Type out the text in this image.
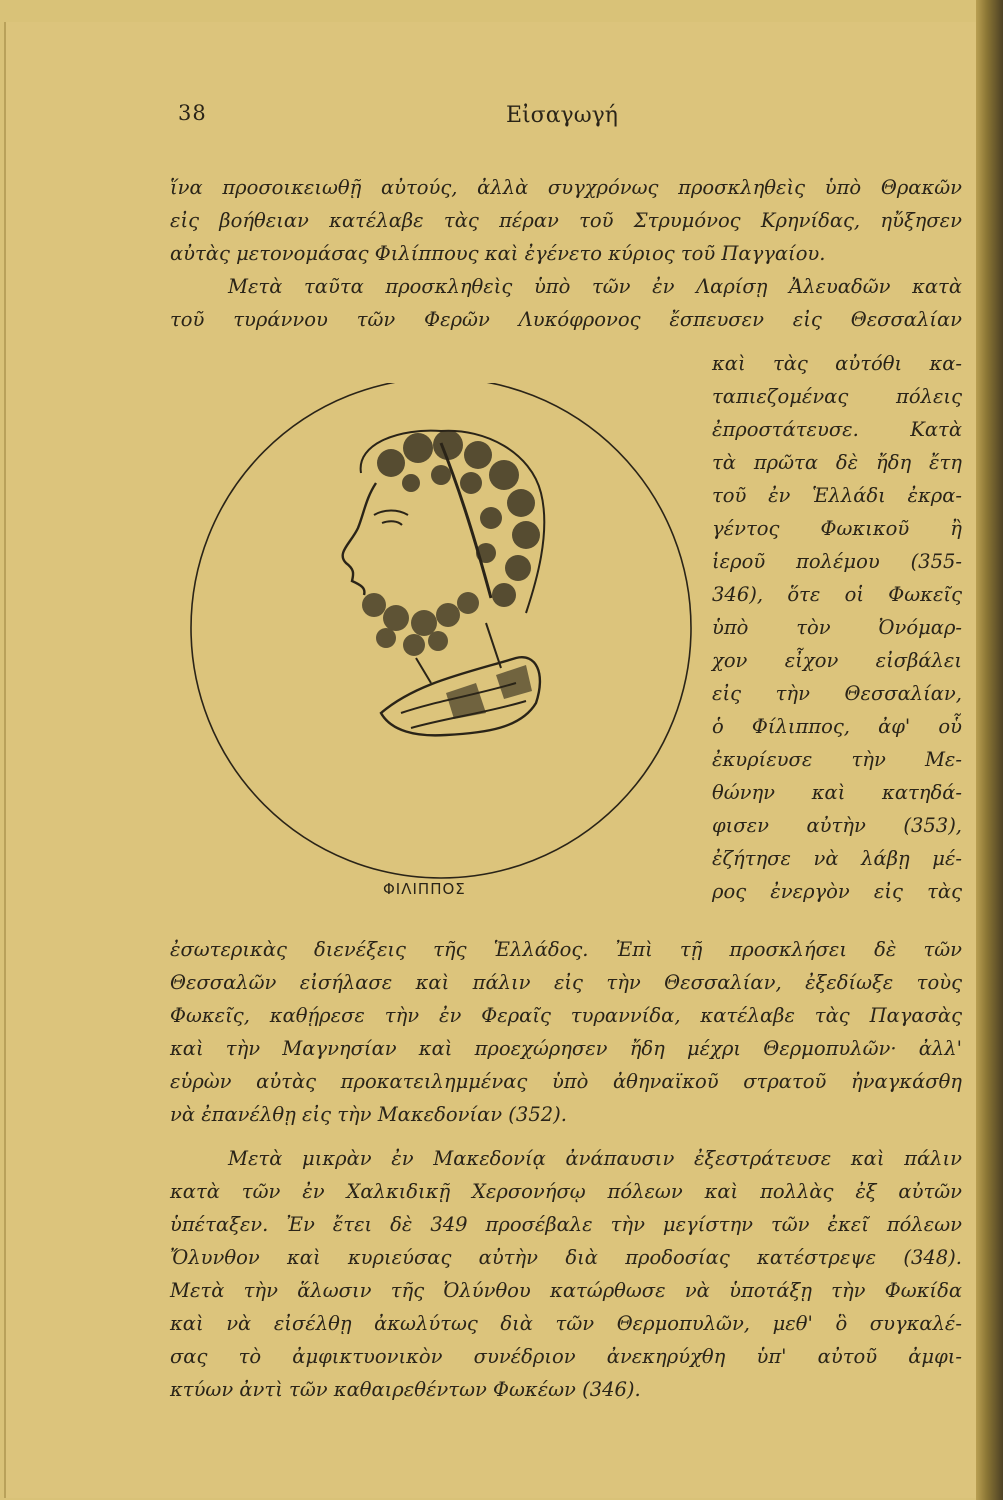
38	Εἰσαγωγή
ἵνα προσοικειωθῇ αὐτούς, ἀλλὰ συγχρόνως προσκληθεὶς ὑπὸ Θρακῶν
εἰς βοήθειαν κατέλαβε τὰς πέραν τοῦ Στρυμόνος Κρηνίδας, ηὔξησεν
αὐτὰς μετονομάσας Φιλίππους καὶ ἐγένετο κύριος τοῦ Παγγαίου.
Μετὰ ταῦτα προσκληθεὶς ὑπὸ τῶν ἐν Λαρίσῃ Ἀλευαδῶν κατὰ
τοῦ τυράννου τῶν Φερῶν Λυκόφρονος ἔσπευσεν εἰς Θεσσαλίαν
ΦΙΛΙΠΠΟΣ
καὶ τὰς αὐτόθι κα-
ταπιεζομένας πόλεις
ἐπροστάτευσε. Κατὰ
τὰ πρῶτα δὲ ἤδη ἔτη
τοῦ ἐν Ἑλλάδι ἐκρα-
γέντος Φωκικοῦ ἢ
ἱεροῦ πολέμου (355-
346), ὅτε οἱ Φωκεῖς
ὑπὸ τὸν Ὀνόμαρ-
χον εἶχον εἰσβάλει
εἰς τὴν Θεσσαλίαν,
ὁ Φίλιππος, ἀφ' οὗ
ἐκυρίευσε τὴν Με-
θώνην καὶ κατηδά-
φισεν αὐτὴν (353),
ἐζήτησε νὰ λάβῃ μέ-
ρος ἐνεργὸν εἰς τὰς
ἐσωτερικὰς διενέξεις τῆς Ἑλλάδος. Ἐπὶ τῇ προσκλήσει δὲ τῶν
Θεσσαλῶν εἰσήλασε καὶ πάλιν εἰς τὴν Θεσσαλίαν, ἐξεδίωξε τοὺς
Φωκεῖς, καθῄρεσε τὴν ἐν Φεραῖς τυραννίδα, κατέλαβε τὰς Παγασὰς
καὶ τὴν Μαγνησίαν καὶ προεχώρησεν ἤδη μέχρι Θερμοπυλῶν· ἀλλ'
εὑρὼν αὐτὰς προκατειλημμένας ὑπὸ ἀθηναϊκοῦ στρατοῦ ἠναγκάσθη
νὰ ἐπανέλθῃ εἰς τὴν Μακεδονίαν (352).
Μετὰ μικρὰν ἐν Μακεδονίᾳ ἀνάπαυσιν ἐξεστράτευσε καὶ πάλιν
κατὰ τῶν ἐν Χαλκιδικῇ Χερσονήσῳ πόλεων καὶ πολλὰς ἐξ αὐτῶν
ὑπέταξεν. Ἐν ἔτει δὲ 349 προσέβαλε τὴν μεγίστην τῶν ἐκεῖ πόλεων
Ὄλυνθον καὶ κυριεύσας αὐτὴν διὰ προδοσίας κατέστρεψε (348).
Μετὰ τὴν ἅλωσιν τῆς Ὀλύνθου κατώρθωσε νὰ ὑποτάξῃ τὴν Φωκίδα
καὶ νὰ εἰσέλθῃ ἀκωλύτως διὰ τῶν Θερμοπυλῶν, μεθ' ὃ συγκαλέ-
σας τὸ ἀμφικτυονικὸν συνέδριον ἀνεκηρύχθη ὑπ' αὐτοῦ ἀμφι-
κτύων ἀντὶ τῶν καθαιρεθέντων Φωκέων (346).
